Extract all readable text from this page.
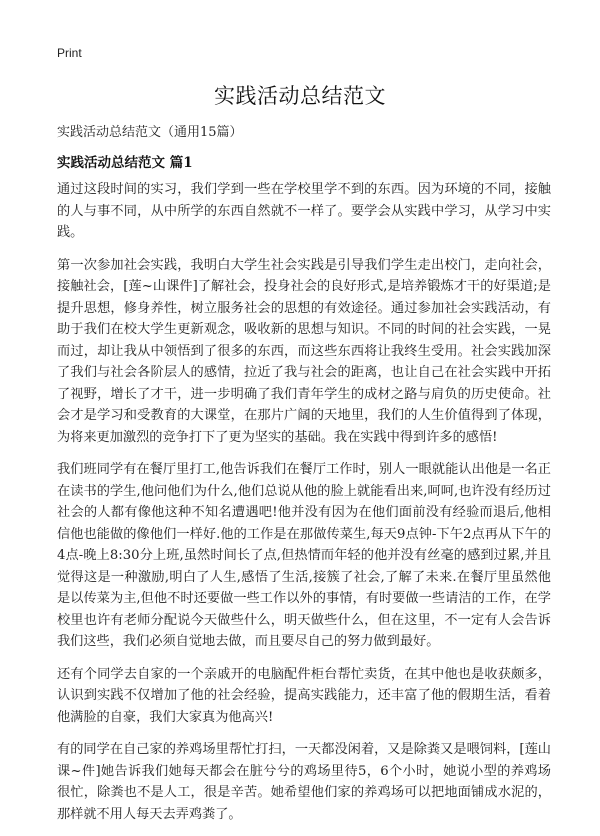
Print
实践活动总结范文
实践活动总结范文（通用15篇）
实践活动总结范文 篇1

通过这段时间的实习，我们学到一些在学校里学不到的东西。因为环境的不同，接触的人与事不同，从中所学的东西自然就不一样了。要学会从实践中学习，从学习中实践。

第一次参加社会实践，我明白大学生社会实践是引导我们学生走出校门，走向社会，接触社会，[莲~山课件]了解社会，投身社会的良好形式,是培养锻炼才干的好渠道;是提升思想，修身养性，树立服务社会的思想的有效途径。通过参加社会实践活动，有助于我们在校大学生更新观念，吸收新的思想与知识。不同的时间的社会实践，一晃而过，却让我从中领悟到了很多的东西，而这些东西将让我终生受用。社会实践加深了我们与社会各阶层人的感情，拉近了我与社会的距离，也让自己在社会实践中开拓了视野，增长了才干，进一步明确了我们青年学生的成材之路与肩负的历史使命。社会才是学习和受教育的大课堂，在那片广阔的天地里，我们的人生价值得到了体现，为将来更加激烈的竞争打下了更为坚实的基础。我在实践中得到许多的感悟!

我们班同学有在餐厅里打工,他告诉我们在餐厅工作时，别人一眼就能认出他是一名正在读书的学生,他问他们为什么,他们总说从他的脸上就能看出来,呵呵,也许没有经历过社会的人都有像他这种不知名遭遇吧!他并没有因为在他们面前没有经验而退后,他相信他也能做的像他们一样好.他的工作是在那做传菜生,每天9点钟-下午2点再从下午的4点-晚上8:30分上班,虽然时间长了点,但热情而年轻的他并没有丝毫的感到过累,并且觉得这是一种激励,明白了人生,感悟了生活,接簇了社会,了解了未来.在餐厅里虽然他是以传菜为主,但他不时还要做一些工作以外的事情，有时要做一些请洁的工作，在学校里也许有老师分配说今天做些什么，明天做些什么，但在这里，不一定有人会告诉我们这些，我们必须自觉地去做，而且要尽自己的努力做到最好。

还有个同学去自家的一个亲戚开的电脑配件柜台帮忙卖货，在其中他也是收获颇多，认识到实践不仅增加了他的社会经验，提高实践能力，还丰富了他的假期生活，看着他满脸的自豪，我们大家真为他高兴!

有的同学在自己家的养鸡场里帮忙打扫，一天都没闲着，又是除粪又是喂饲料，[莲山课~件]她告诉我们她每天都会在脏兮兮的鸡场里待5，6个小时，她说小型的养鸡场很忙，除粪也不是人工，很是辛苦。她希望他们家的养鸡场可以把地面铺成水泥的，那样就不用人每天去弄鸡粪了。
